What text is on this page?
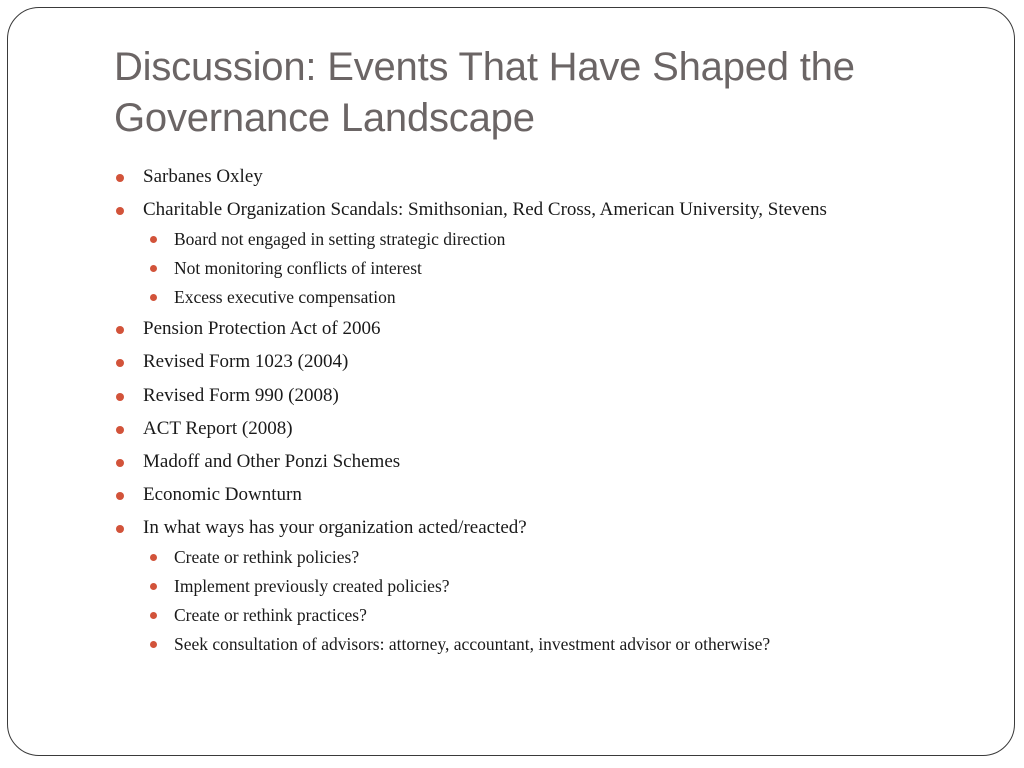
Discussion: Events That Have Shaped the Governance Landscape
Sarbanes Oxley
Charitable Organization Scandals: Smithsonian, Red Cross, American University, Stevens
Board not engaged in setting strategic direction
Not monitoring conflicts of interest
Excess executive compensation
Pension Protection Act of 2006
Revised Form 1023 (2004)
Revised Form 990 (2008)
ACT Report (2008)
Madoff and Other Ponzi Schemes
Economic Downturn
In what ways has your organization acted/reacted?
Create or rethink policies?
Implement previously created policies?
Create or rethink practices?
Seek consultation of advisors: attorney, accountant, investment advisor or otherwise?
